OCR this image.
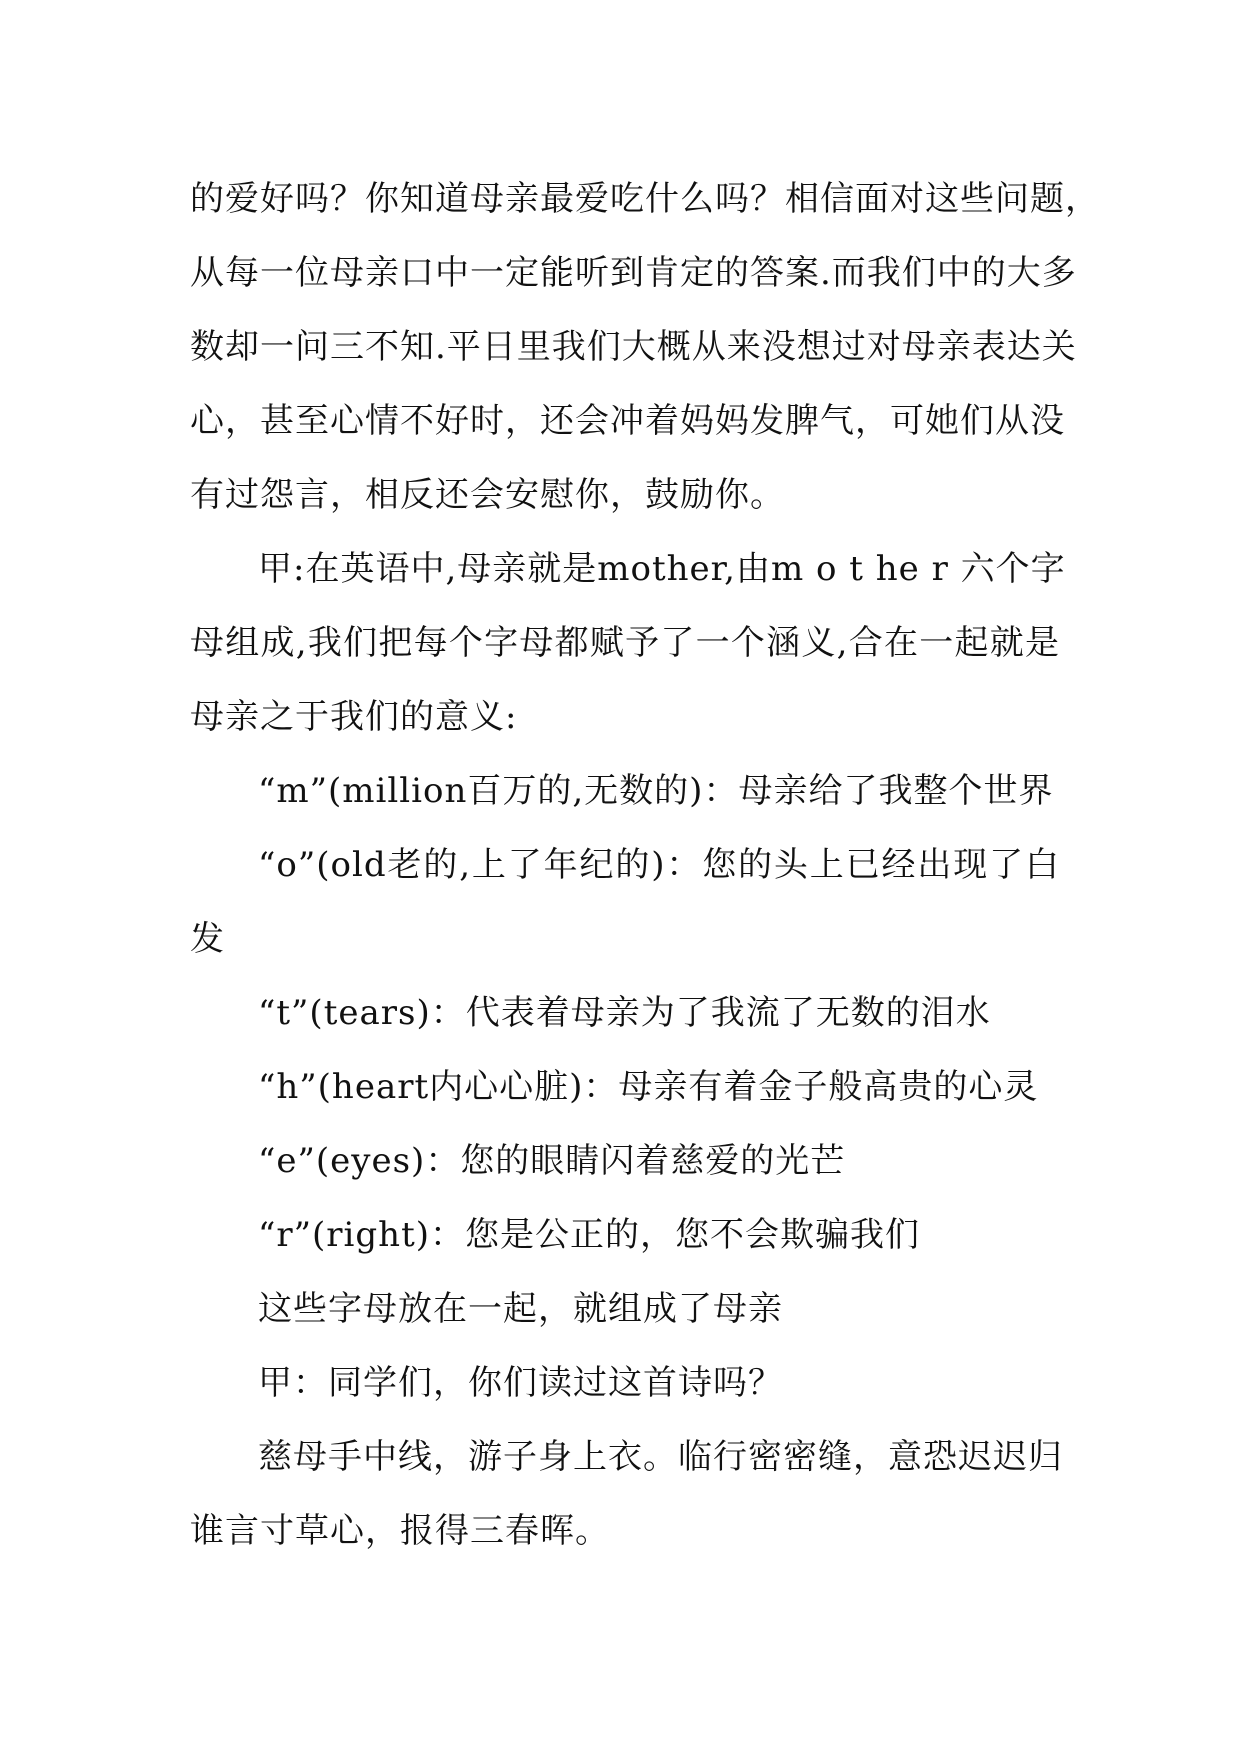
的爱好吗？你知道母亲最爱吃什么吗？相信面对这些问题，
从每一位母亲口中一定能听到肯定的答案.而我们中的大多
数却一问三不知.平日里我们大概从来没想过对母亲表达关
心，甚至心情不好时，还会冲着妈妈发脾气，可她们从没
有过怨言，相反还会安慰你，鼓励你。
甲:在英语中,母亲就是mother,由m o t he r 六个字
母组成,我们把每个字母都赋予了一个涵义,合在一起就是
母亲之于我们的意义:
“m”(million百万的,无数的)：母亲给了我整个世界
“o”(old老的,上了年纪的)：您的头上已经出现了白
发
“t”(tears)：代表着母亲为了我流了无数的泪水
“h”(heart内心心脏)：母亲有着金子般高贵的心灵
“e”(eyes)：您的眼睛闪着慈爱的光芒
“r”(right)：您是公正的，您不会欺骗我们
这些字母放在一起，就组成了母亲
甲：同学们，你们读过这首诗吗？
慈母手中线，游子身上衣。临行密密缝，意恐迟迟归
谁言寸草心，报得三春晖。
